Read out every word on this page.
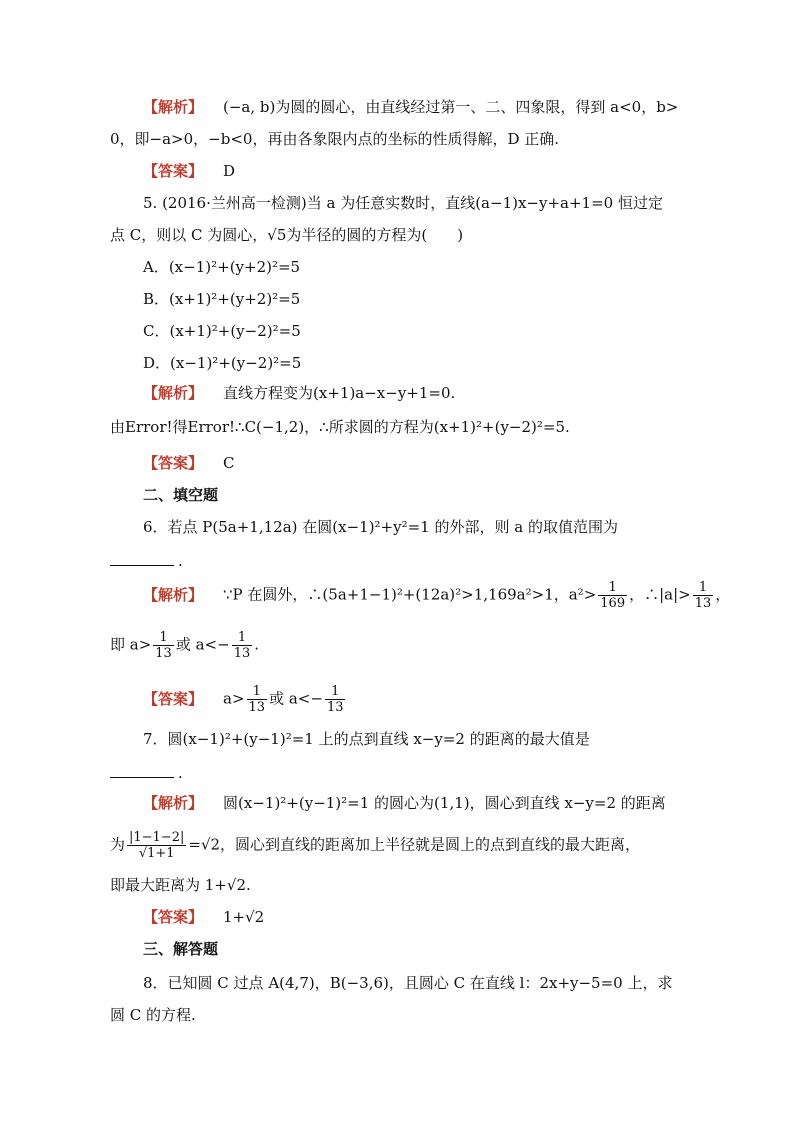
【解析】 (−a, b)为圆的圆心，由直线经过第一、二、四象限，得到 a<0，b>
0，即−a>0，−b<0，再由各象限内点的坐标的性质得解，D 正确.
【答案】 D
5. (2016·兰州高一检测)当 a 为任意实数时，直线(a−1)x−y+a+1=0 恒过定
点 C，则以 C 为圆心，√5为半径的圆的方程为(　　)
A．(x−1)²+(y+2)²=5
B．(x+1)²+(y+2)²=5
C．(x+1)²+(y−2)²=5
D．(x−1)²+(y−2)²=5
【解析】 直线方程变为(x+1)a−x−y+1=0.
由Error!得Error!∴C(−1,2)，∴所求圆的方程为(x+1)²+(y−2)²=5.
【答案】 C
二、填空题
6．若点 P(5a+1,12a) 在圆(x−1)²+y²=1 的外部，则 a 的取值范围为
.
【解析】 ∵P 在圆外，∴(5a+1−1)²+(12a)²>1,169a²>1，$a^2> \frac{1}{169}$ ，∴|a|> $\frac{1}{13}$ ，
即 $a> \frac{1}{13}$ 或 $a<- \frac{1}{13}$ .
【答案】 $a> \frac{1}{13}$ 或 $a<- \frac{1}{13}$
7．圆(x−1)²+(y−1)²=1 上的点到直线 x−y=2 的距离的最大值是
.
【解析】 圆(x−1)²+(y−1)²=1 的圆心为(1,1)，圆心到直线 x−y=2 的距离
为 $\frac{|1-1-2|}{√1+1} =√2$，圆心到直线的距离加上半径就是圆上的点到直线的最大距离，
即最大距离为 1+√2.
【答案】 1+√2
三、解答题
8．已知圆 C 过点 A(4,7)，B(−3,6)，且圆心 C 在直线 l：2x+y−5=0 上，求
圆 C 的方程.
